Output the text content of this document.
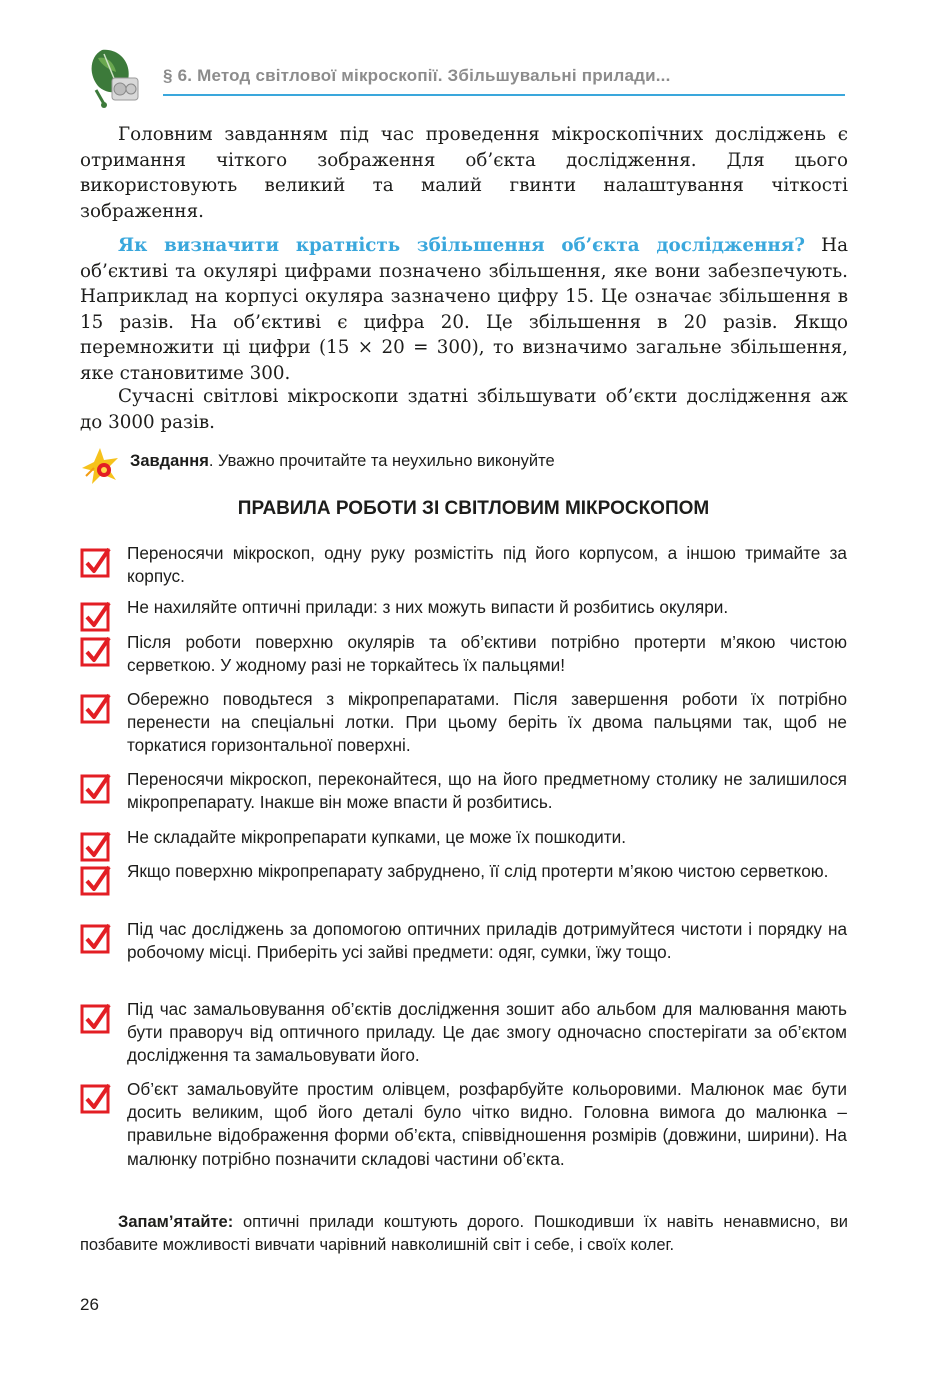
§ 6. Метод світлової мікроскопії. Збільшувальні прилади...

Головним завданням під час проведення мікроскопічних досліджень є отримання чіткого зображення об’єкта дослідження. Для цього використовують великий та малий гвинти налаштування чіткості зображення.

Як визначити кратність збільшення об’єкта дослідження? На об’єктиві та окулярі цифрами позначено збільшення, яке вони забезпечують. Наприклад на корпусі окуляра зазначено цифру 15. Це означає збільшення в 15 разів. На об’єктиві є цифра 20. Це збільшення в 20 разів. Якщо перемножити ці цифри (15 × 20 = 300), то визначимо загальне збільшення, яке становитиме 300.

Сучасні світлові мікроскопи здатні збільшувати об’єкти дослідження аж до 3000 разів.

Завдання. Уважно прочитайте та неухильно виконуйте
ПРАВИЛА РОБОТИ ЗІ СВІТЛОВИМ МІКРОСКОПОМ

Переносячи мікроскоп, одну руку розмістіть під його корпусом, а іншою тримайте за корпус.

Не нахиляйте оптичні прилади: з них можуть випасти й розбитись окуляри.

Після роботи поверхню окулярів та об’єктиви потрібно протерти м’якою чистою серветкою. У жодному разі не торкайтесь їх пальцями!

Обережно поводьтеся з мікропрепаратами. Після завершення роботи їх потрібно перенести на спеціальні лотки. При цьому беріть їх двома пальцями так, щоб не торкатися горизонтальної поверхні.

Переносячи мікроскоп, переконайтеся, що на його предметному столику не залишилося мікропрепарату. Інакше він може впасти й розбитись.

Не складайте мікропрепарати купками, це може їх пошкодити.

Якщо поверхню мікропрепарату забруднено, її слід протерти м’якою чистою серветкою.

Під час досліджень за допомогою оптичних приладів дотримуйтеся чистоти і порядку на робочому місці. Приберіть усі зайві предмети: одяг, сумки, їжу тощо.

Під час замальовування об’єктів дослідження зошит або альбом для малювання мають бути праворуч від оптичного приладу. Це дає змогу одночасно спостерігати за об’єктом дослідження та замальовувати його.

Об’єкт замальовуйте простим олівцем, розфарбуйте кольоровими. Малюнок має бути досить великим, щоб його деталі було чітко видно. Головна вимога до малюнка – правильне відображення форми об’єкта, співвідношення розмірів (довжини, ширини). На малюнку потрібно позначити складові частини об’єкта.

Запам’ятайте: оптичні прилади коштують дорого. Пошкодивши їх навіть ненавмисно, ви позбавите можливості вивчати чарівний навколишній світ і себе, і своїх колег.

26
